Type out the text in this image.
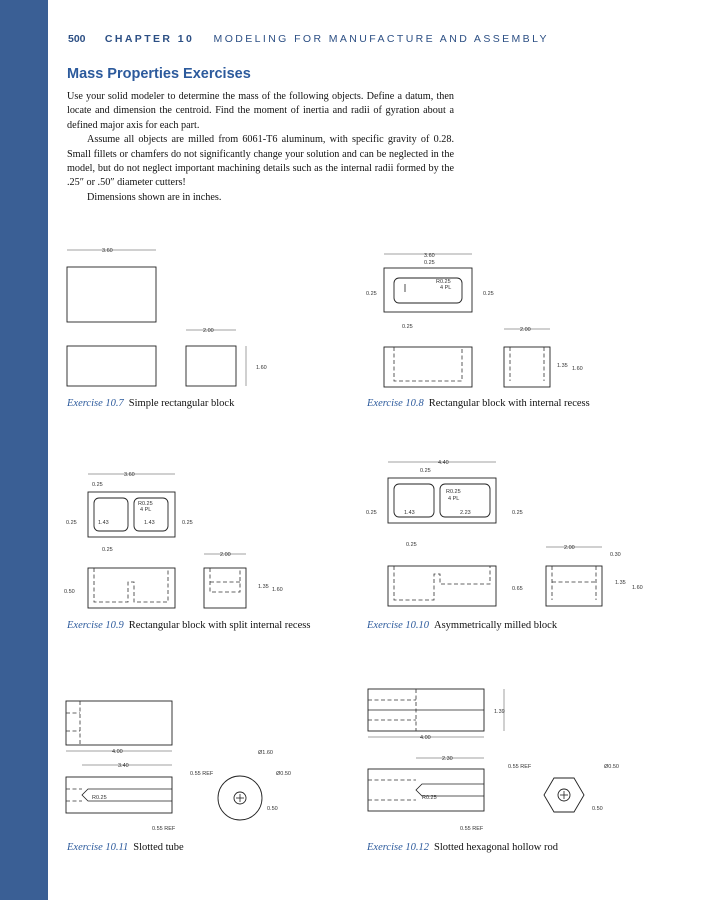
500 CHAPTER 10 MODELING FOR MANUFACTURE AND ASSEMBLY
Mass Properties Exercises

Use your solid modeler to determine the mass of the following objects. Define a datum, then locate and dimension the centroid. Find the moment of inertia and radii of gyration about a defined major axis for each part.

Assume all objects are milled from 6061-T6 aluminum, with specific gravity of 0.28. Small fillets or chamfers do not significantly change your solution and can be neglected in the model, but do not neglect important machining details such as the internal radii formed by the .25″ or .50″ diameter cutters!

Dimensions shown are in inches.

3.60
2.00
1.60
Exercise 10.7 Simple rectangular block
3.60
0.25
R0.25
4 PL
0.25	0.25
0.25	2.00
1.35 1.60
Exercise 10.8 Rectangular block with internal recess
3.60
0.25
R0.25
4 PL
0.25	1.43	1.43	0.25
0.25
2.00
0.50
1.35 1.60
Exercise 10.9 Rectangular block with split internal recess
4.40
0.25
R0.25
4 PL
0.25	1.43	2.23	0.25
0.25	2.00
0.30
0.65
1.35
1.60
Exercise 10.10 Asymmetrically milled block
4.00
3.40
0.55 REF
R0.25
0.55 REF
Ø1.60
Ø0.50
0.50
Exercise 10.11 Slotted tube
1.39
4.00
2.30
0.55 REF
R0.25
0.55 REF
Ø0.50
0.50
Exercise 10.12 Slotted hexagonal hollow rod
